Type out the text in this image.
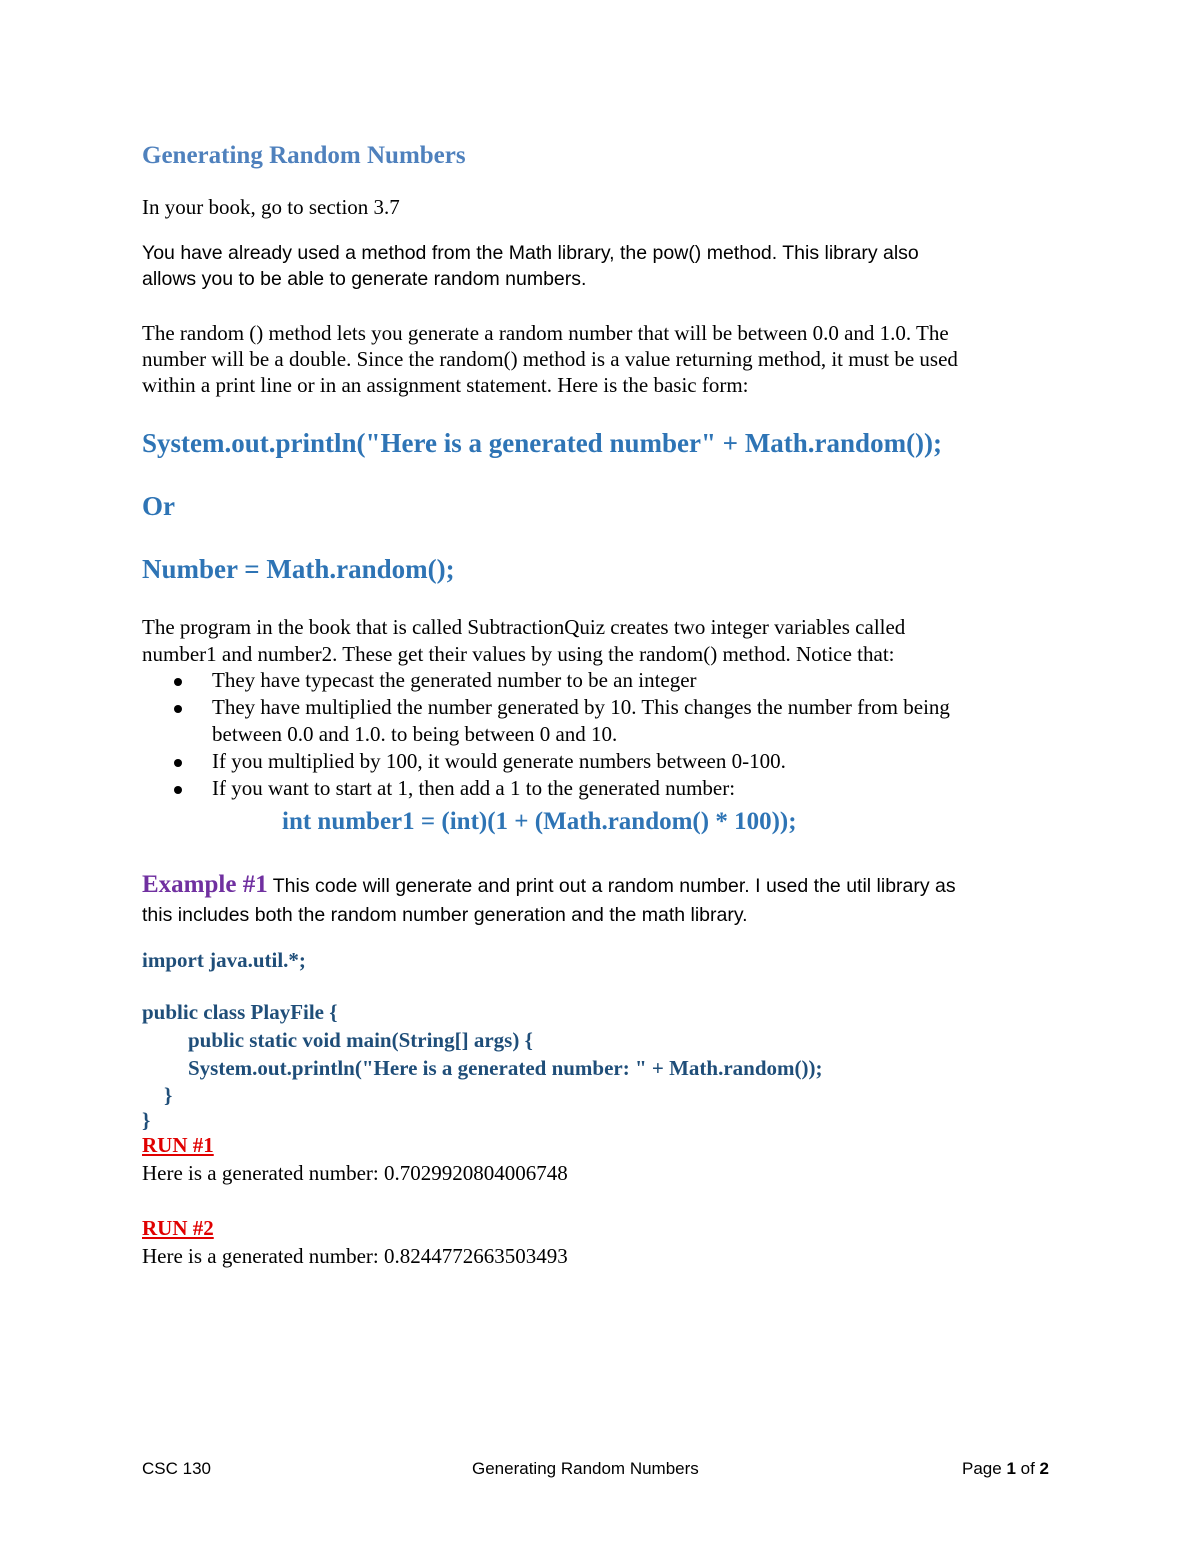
Generating Random Numbers
In your book, go to section 3.7
You have already used a method from the Math library, the pow() method. This library also
allows you to be able to generate random numbers.
The random () method lets you generate a random number that will be between 0.0 and 1.0. The
number will be a double. Since the random() method is a value returning method, it must be used
within a print line or in an assignment statement. Here is the basic form:
System.out.println("Here is a generated number" + Math.random());
Or
Number = Math.random();
The program in the book that is called SubtractionQuiz creates two integer variables called
number1 and number2. These get their values by using the random() method. Notice that:
They have typecast the generated number to be an integer
They have multiplied the number generated by 10. This changes the number from being
between 0.0 and 1.0. to being between 0 and 10.
If you multiplied by 100, it would generate numbers between 0-100.
If you want to start at 1, then add a 1 to the generated number:
int number1 = (int)(1 + (Math.random() * 100));
Example #1 This code will generate and print out a random number. I used the util library as
this includes both the random number generation and the math library.
import java.util.*;
public class PlayFile {
public static void main(String[] args) {
System.out.println("Here is a generated number: " + Math.random());
}
}
RUN #1
Here is a generated number: 0.7029920804006748
RUN #2
Here is a generated number: 0.8244772663503493
CSC 130	Generating Random Numbers	Page 1 of 2
